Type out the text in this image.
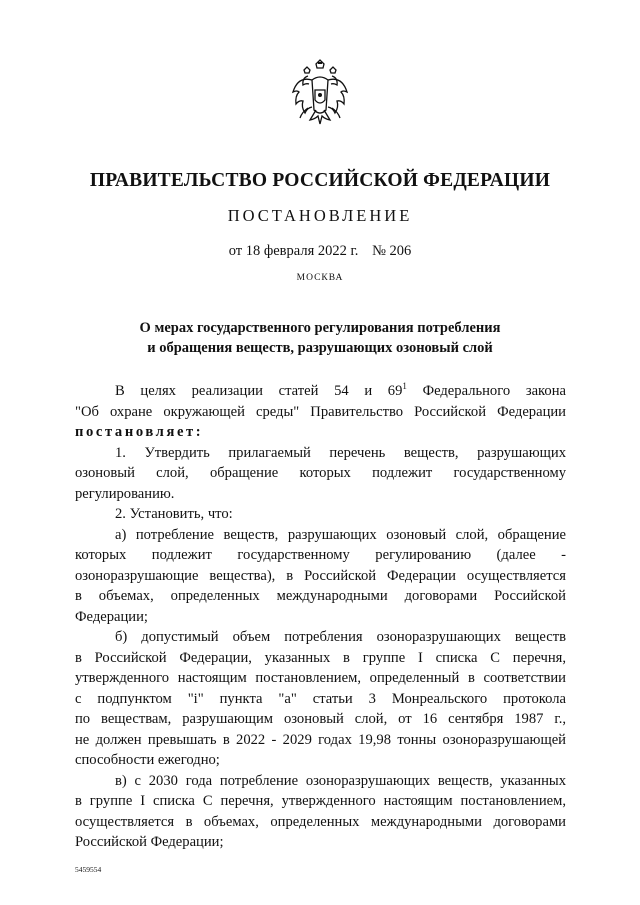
ПРАВИТЕЛЬСТВО РОССИЙСКОЙ ФЕДЕРАЦИИ
ПОСТАНОВЛЕНИЕ
от 18 февраля 2022 г. № 206
МОСКВА
О мерах государственного регулирования потребления
и обращения веществ, разрушающих озоновый слой
В целях реализации статей 54 и $69^1$ Федерального закона
"Об охране окружающей среды" Правительство Российской Федерации
постановляет:
1. Утвердить прилагаемый перечень веществ, разрушающих
озоновый слой, обращение которых подлежит государственному
регулированию.
2. Установить, что:
а) потребление веществ, разрушающих озоновый слой, обращение
которых подлежит государственному регулированию (далее -
озоноразрушающие вещества), в Российской Федерации осуществляется
в объемах, определенных международными договорами Российской
Федерации;
б) допустимый объем потребления озоноразрушающих веществ
в Российской Федерации, указанных в группе I списка С перечня,
утвержденного настоящим постановлением, определенный в соответствии
с подпунктом "i" пункта "а" статьи 3 Монреальского протокола
по веществам, разрушающим озоновый слой, от 16 сентября 1987 г.,
не должен превышать в 2022 - 2029 годах 19,98 тонны озоноразрушающей
способности ежегодно;
в) с 2030 года потребление озоноразрушающих веществ, указанных
в группе I списка С перечня, утвержденного настоящим постановлением,
осуществляется в объемах, определенных международными договорами
Российской Федерации;
5459554
